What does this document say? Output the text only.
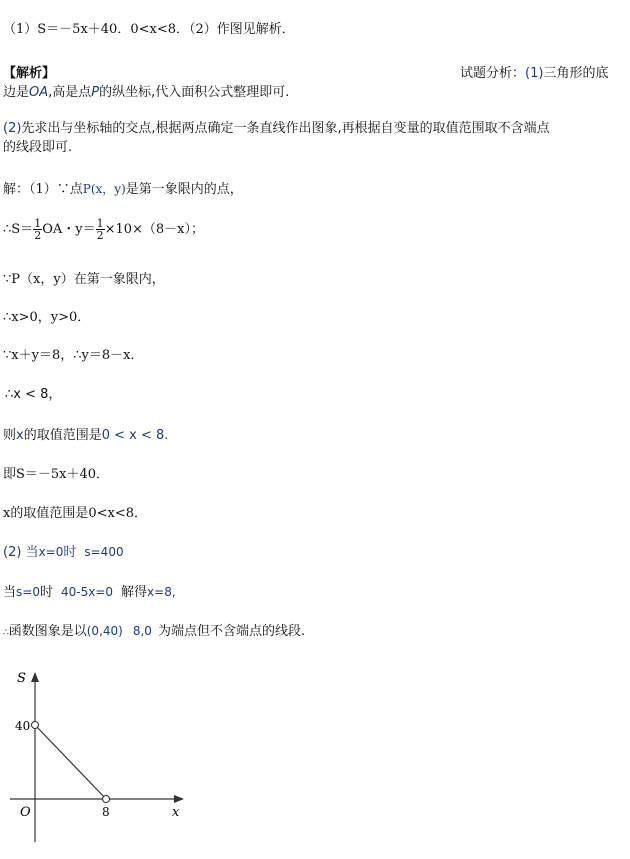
（1）S＝－5x＋40．0<x<8．（2）作图见解析．
【解析】	试题分析：(1)三角形的底
边是OA,高是点P的纵坐标,代入面积公式整理即可.
(2)先求出与坐标轴的交点,根据两点确定一条直线作出图象,再根据自变量的取值范围取不含端点
的线段即可.
解：（1）∵点P(x，y)是第一象限内的点，
∴S＝ $\frac{1}{2}$ OA・$y= \frac{1}{2} \times 10\times(8-x)$；
∵P（x，y）在第一象限内，
∴x>0，y>0．
∵x＋y＝8，∴y＝8－x．
∴x < 8，
则x的取值范围是0 < x < 8.
即S＝－5x＋40．
x的取值范围是0<x<8．
(2) 当x=0时 s=400
当s=0时 40-5x=0 解得x=8,
∴函数图象是以(0,40) 8,0 为端点但不含端点的线段.
S
x
O
40
8
